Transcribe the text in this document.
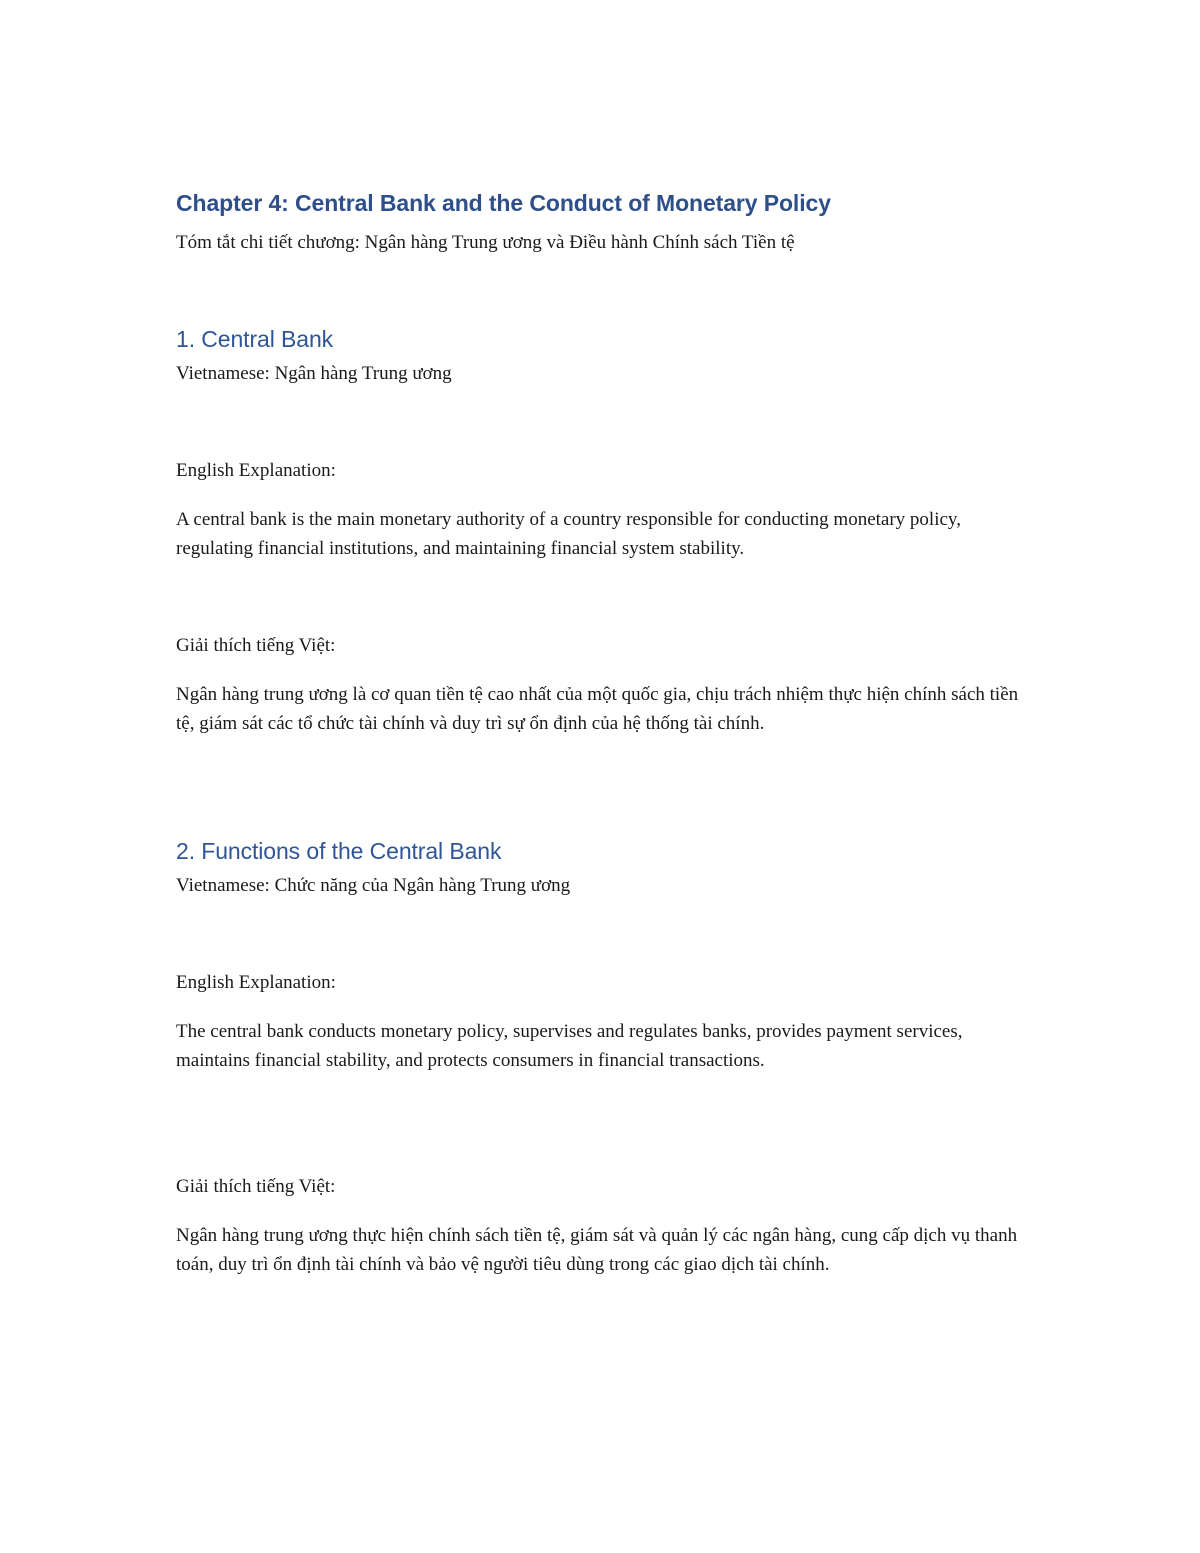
Chapter 4: Central Bank and the Conduct of Monetary Policy

Tóm tắt chi tiết chương: Ngân hàng Trung ương và Điều hành Chính sách Tiền tệ

1. Central Bank

Vietnamese: Ngân hàng Trung ương

English Explanation:

A central bank is the main monetary authority of a country responsible for conducting monetary policy, regulating financial institutions, and maintaining financial system stability.

Giải thích tiếng Việt:

Ngân hàng trung ương là cơ quan tiền tệ cao nhất của một quốc gia, chịu trách nhiệm thực hiện chính sách tiền tệ, giám sát các tổ chức tài chính và duy trì sự ổn định của hệ thống tài chính.

2. Functions of the Central Bank

Vietnamese: Chức năng của Ngân hàng Trung ương

English Explanation:

The central bank conducts monetary policy, supervises and regulates banks, provides payment services, maintains financial stability, and protects consumers in financial transactions.

Giải thích tiếng Việt:

Ngân hàng trung ương thực hiện chính sách tiền tệ, giám sát và quản lý các ngân hàng, cung cấp dịch vụ thanh toán, duy trì ổn định tài chính và bảo vệ người tiêu dùng trong các giao dịch tài chính.
